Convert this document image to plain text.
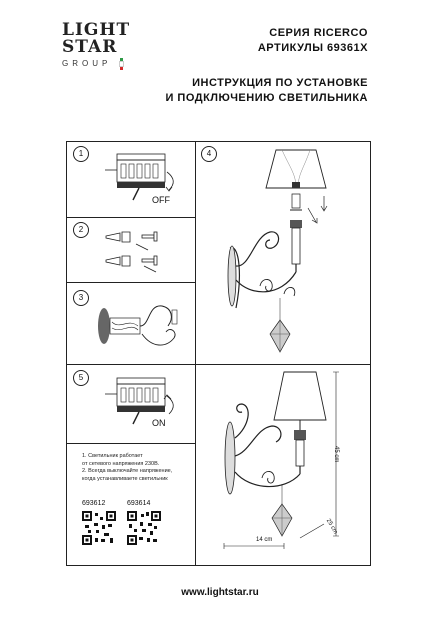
LIGHT
STAR
GROUP
СЕРИЯ RICERCO
АРТИКУЛЫ 69361X
ИНСТРУКЦИЯ ПО УСТАНОВКЕ
И ПОДКЛЮЧЕНИЮ СВЕТИЛЬНИКА
1
2
3
4
5
OFF
ON
1. Светильник работает
от сетевого напряжения 230В.
2. Всегда выключайте напряжение,
когда устанавливаете светильник
693612	693614
45 cm
14 cm
25 cm
www.lightstar.ru
